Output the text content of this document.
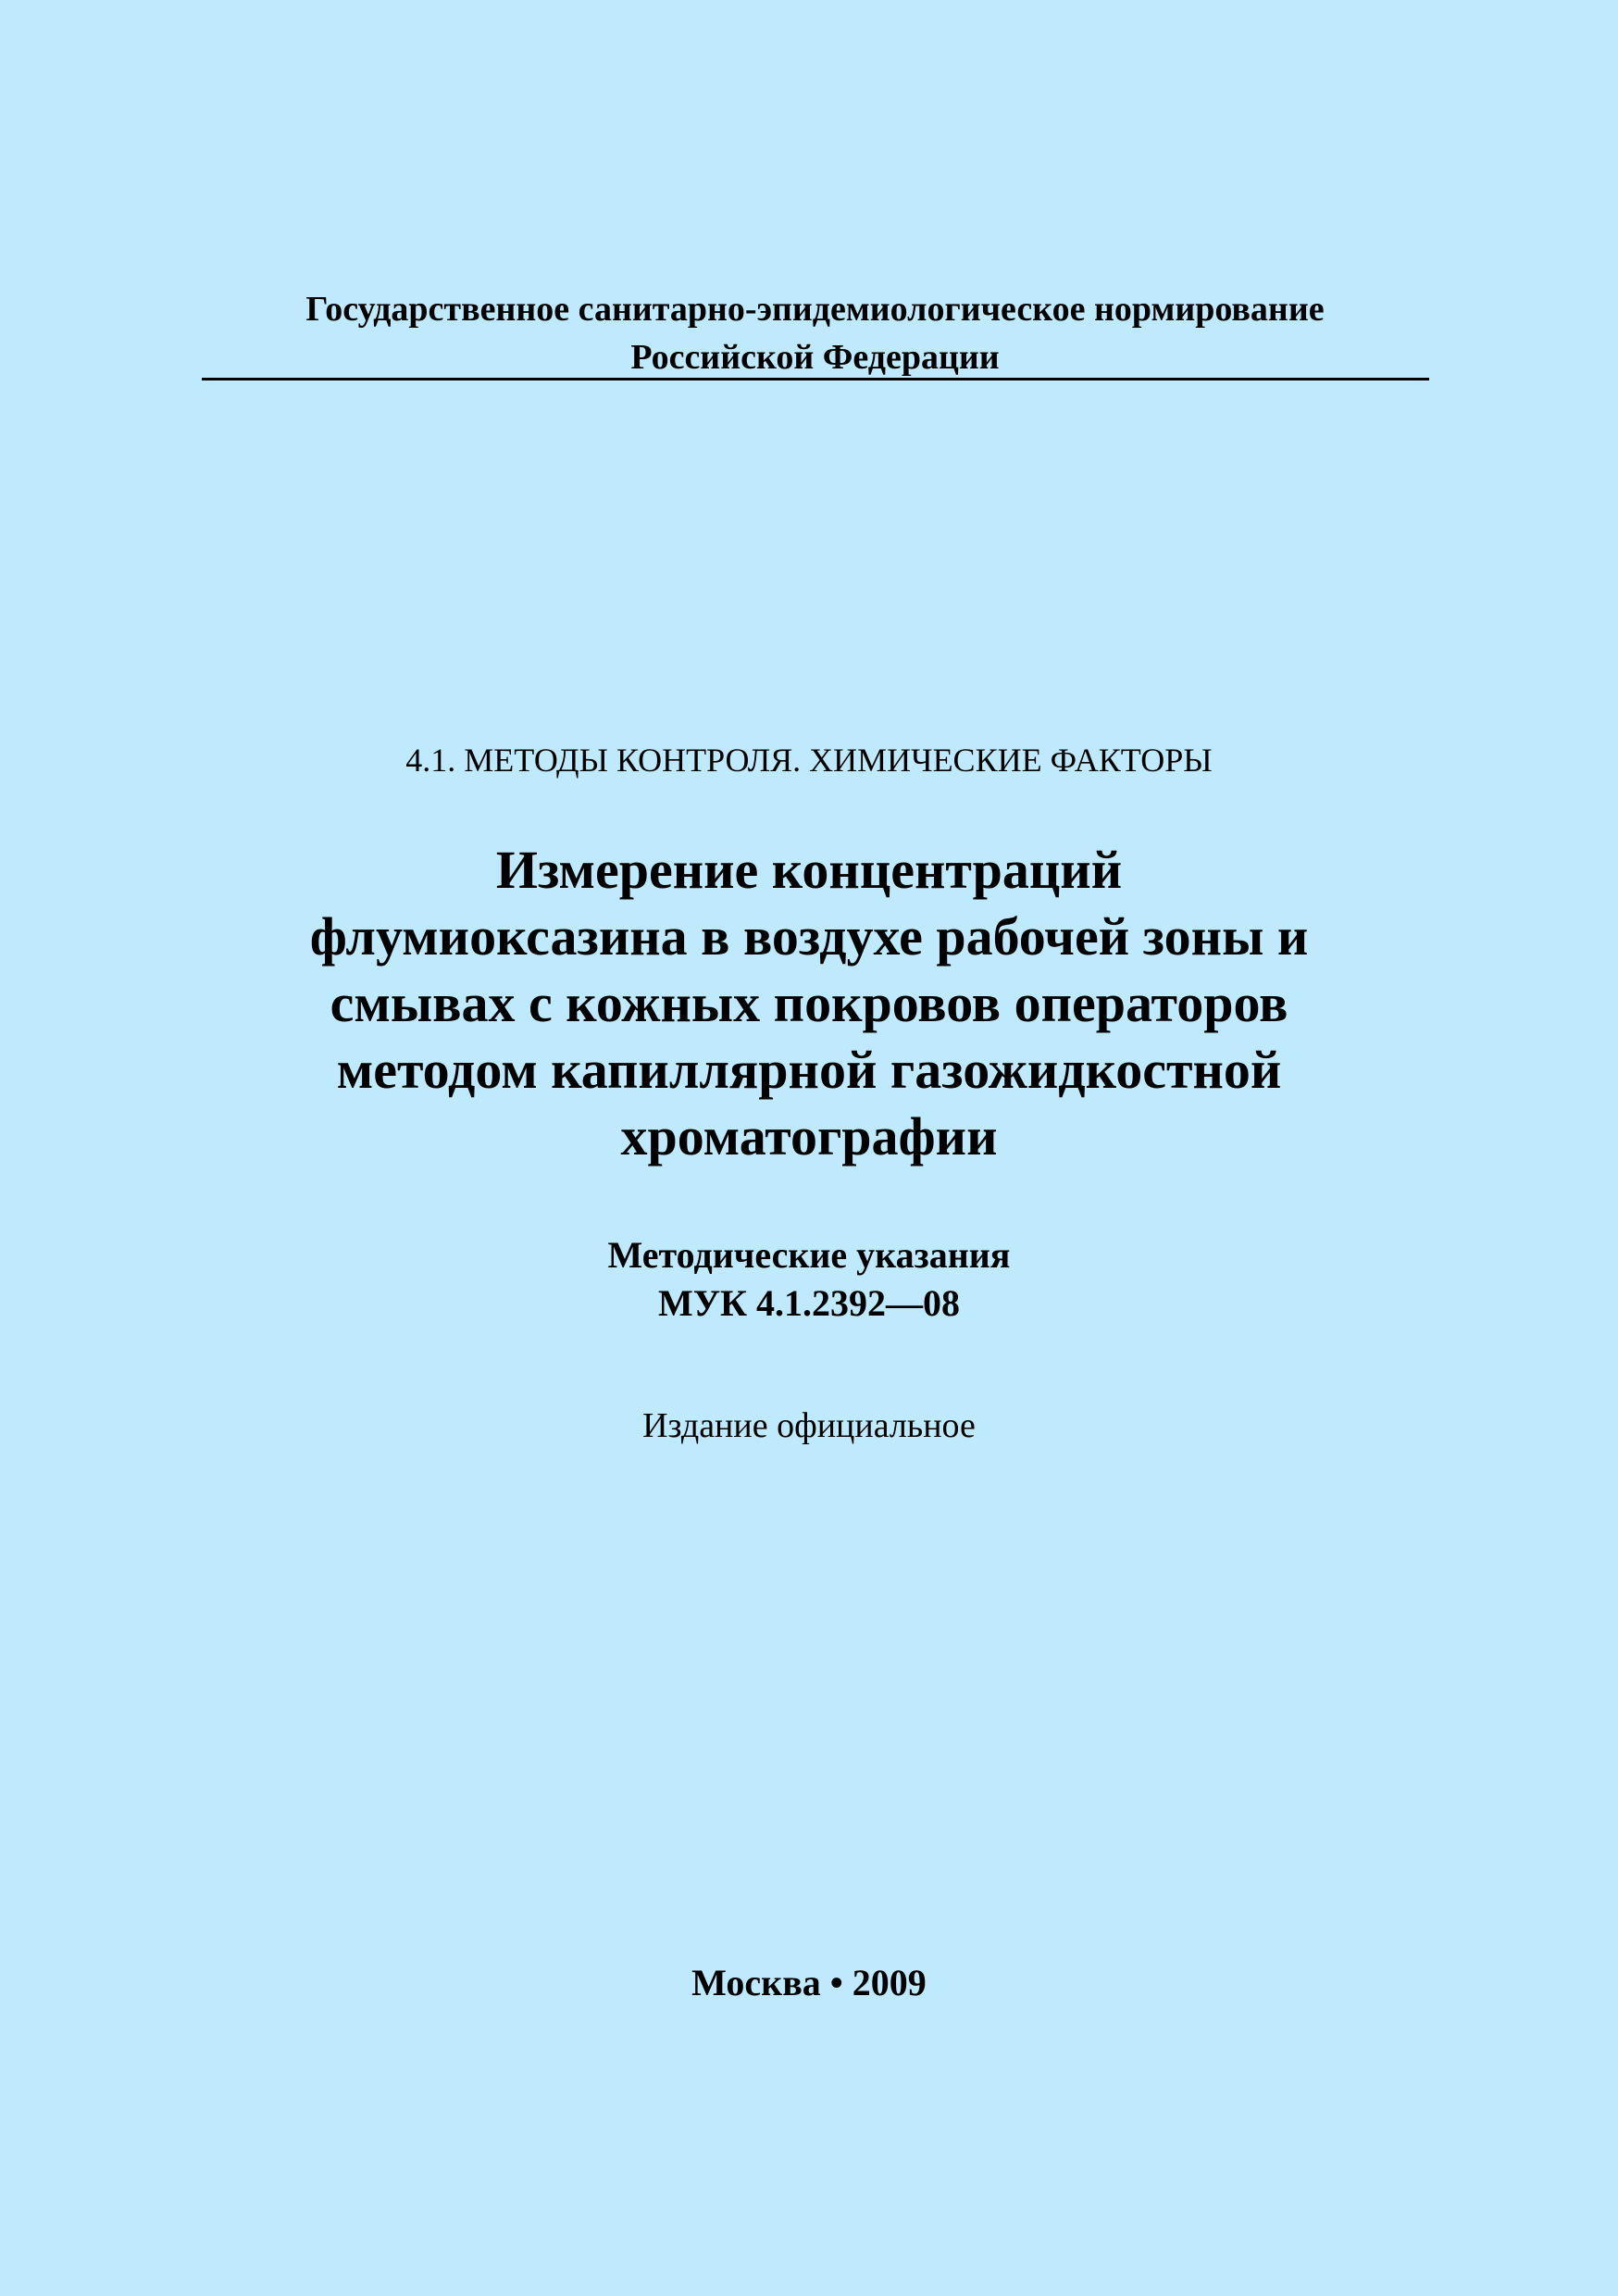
Государственное санитарно-эпидемиологическое нормирование
Российской Федерации
4.1. МЕТОДЫ КОНТРОЛЯ. ХИМИЧЕСКИЕ ФАКТОРЫ
Измерение концентраций
флумиоксазина в воздухе рабочей зоны и
смывах с кожных покровов операторов
методом капиллярной газожидкостной
хроматографии
Методические указания
МУК 4.1.2392—08
Издание официальное
Москва • 2009
